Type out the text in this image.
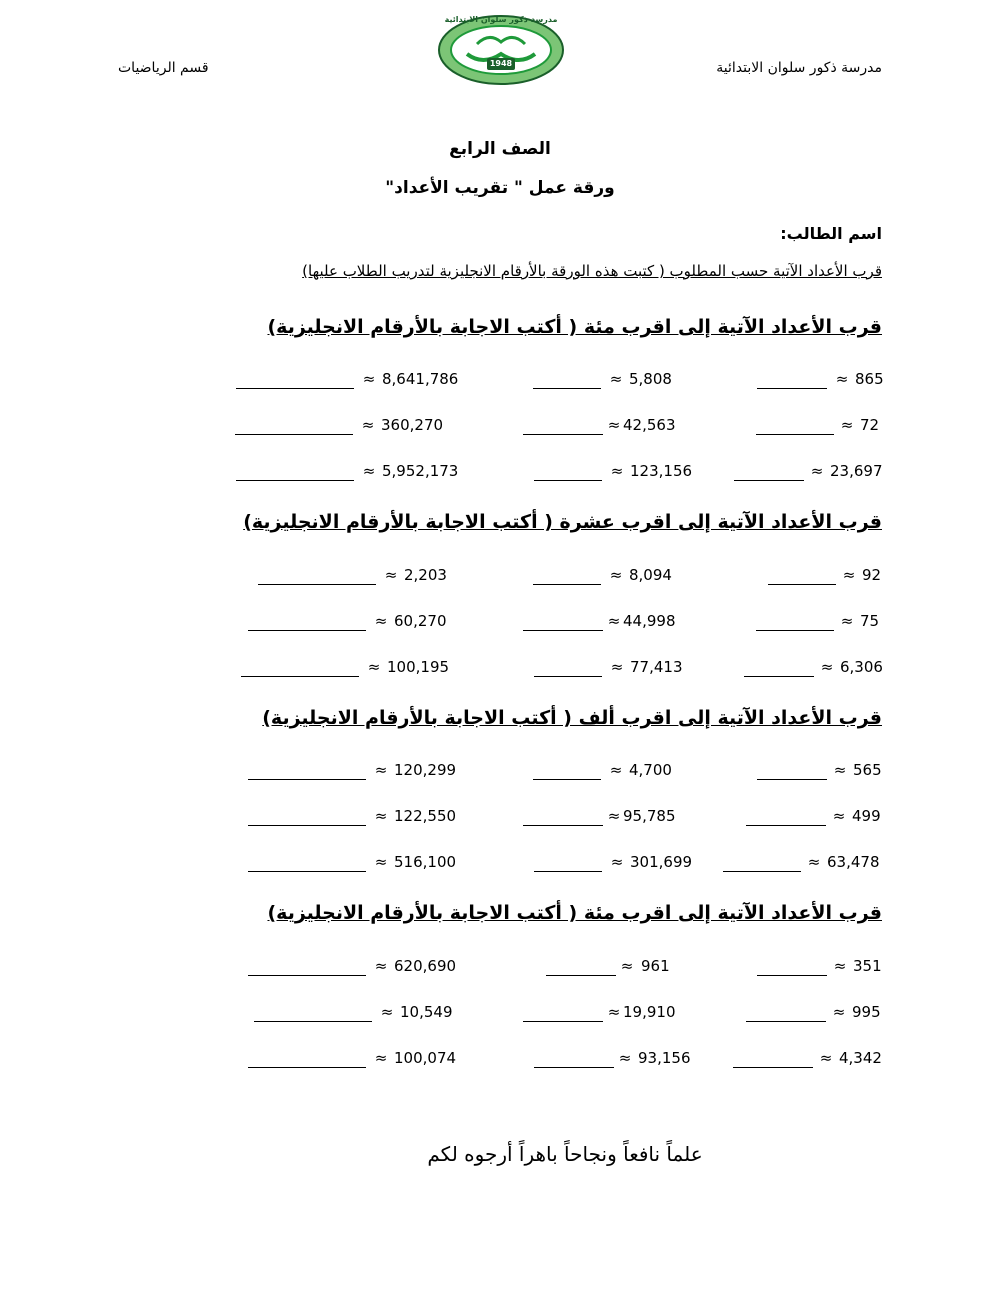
مدرسة ذكور سلوان الابتدائية
قسم الرياضيات
مدرسة ذكور سلوان الابتدائية
1948
الصف الرابع
ورقة عمل " تقريب الأعداد"
اسم الطالب:
قرب الأعداد الآتية حسب المطلوب ( كتبت هذه الورقة بالأرقام الانجليزية لتدريب الطلاب عليها)
قرب الأعداد الآتية إلى اقرب مئة ( أكتب الاجابة بالأرقام الانجليزية)
≈ 865
≈ 5,808
≈ 8,641,786
≈ 72
≈ 42,563
≈ 360,270
≈ 23,697
≈ 123,156
≈ 5,952,173
قرب الأعداد الآتية إلى اقرب عشرة ( أكتب الاجابة بالأرقام الانجليزية)
≈ 92
≈ 8,094
≈ 2,203
≈ 75
≈ 44,998
≈ 60,270
≈ 6,306
≈ 77,413
≈ 100,195
قرب الأعداد الآتية إلى اقرب ألف ( أكتب الاجابة بالأرقام الانجليزية)
≈ 565
≈ 4,700
≈ 120,299
≈ 499
≈ 95,785
≈ 122,550
≈ 63,478
≈ 301,699
≈ 516,100
قرب الأعداد الآتية إلى اقرب مئة ( أكتب الاجابة بالأرقام الانجليزية)
≈ 351
≈ 961
≈ 620,690
≈ 995
≈ 19,910
≈ 10,549
≈ 4,342
≈ 93,156
≈ 100,074
علماً نافعاً ونجاحاً باهراً أرجوه لكم
